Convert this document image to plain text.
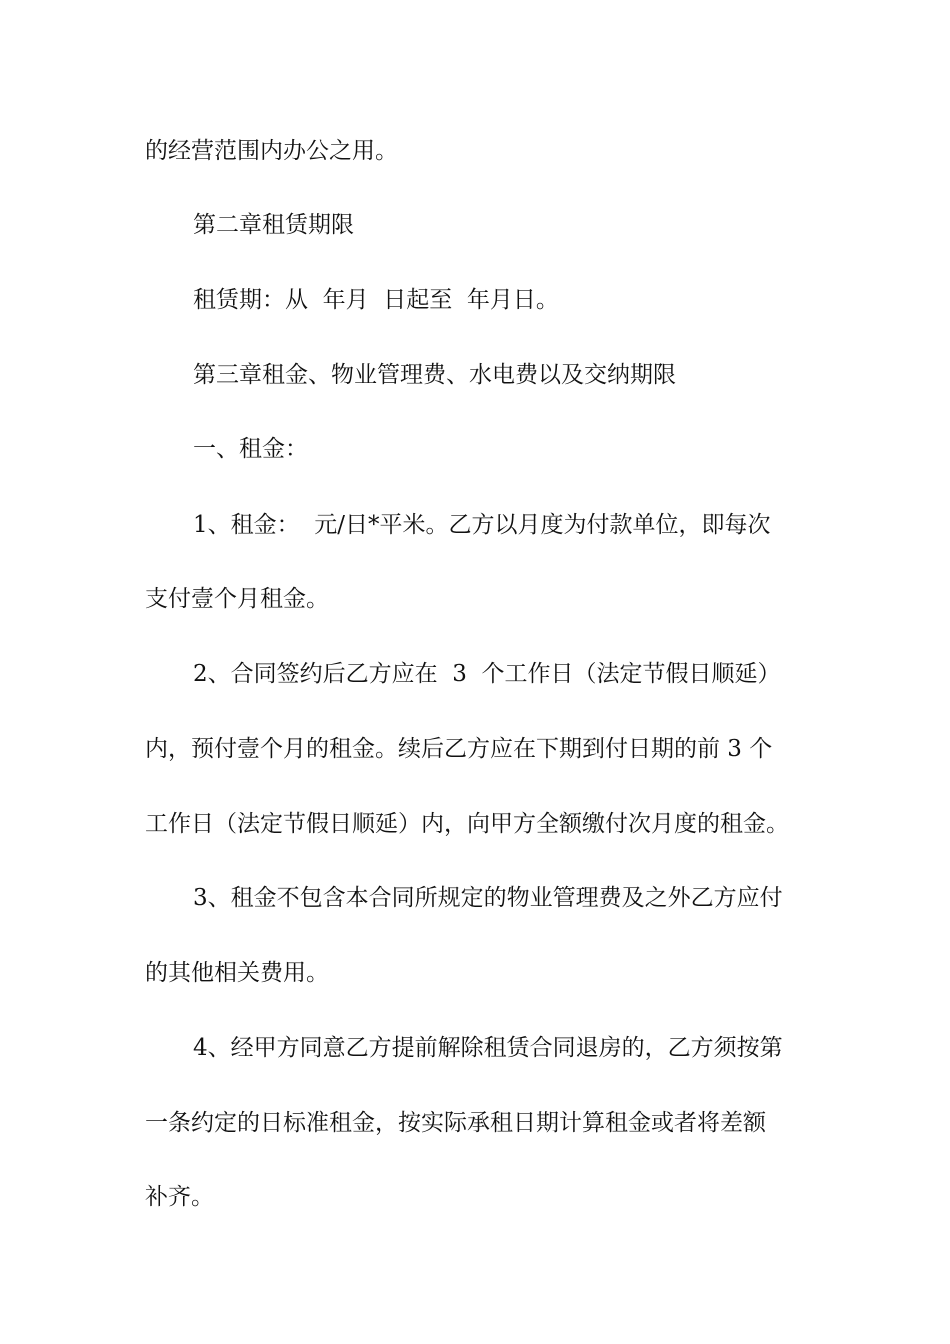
的经营范围内办公之用。
第二章租赁期限
租赁期：从  年月  日起至  年月日。
第三章租金、物业管理费、水电费以及交纳期限
一、租金：
1、租金：  元/日*平米。乙方以月度为付款单位，即每次
支付壹个月租金。
2、合同签约后乙方应在  3  个工作日（法定节假日顺延）
内，预付壹个月的租金。续后乙方应在下期到付日期的前 3 个
工作日（法定节假日顺延）内，向甲方全额缴付次月度的租金。
3、租金不包含本合同所规定的物业管理费及之外乙方应付
的其他相关费用。
4、经甲方同意乙方提前解除租赁合同退房的，乙方须按第
一条约定的日标准租金，按实际承租日期计算租金或者将差额
补齐。
